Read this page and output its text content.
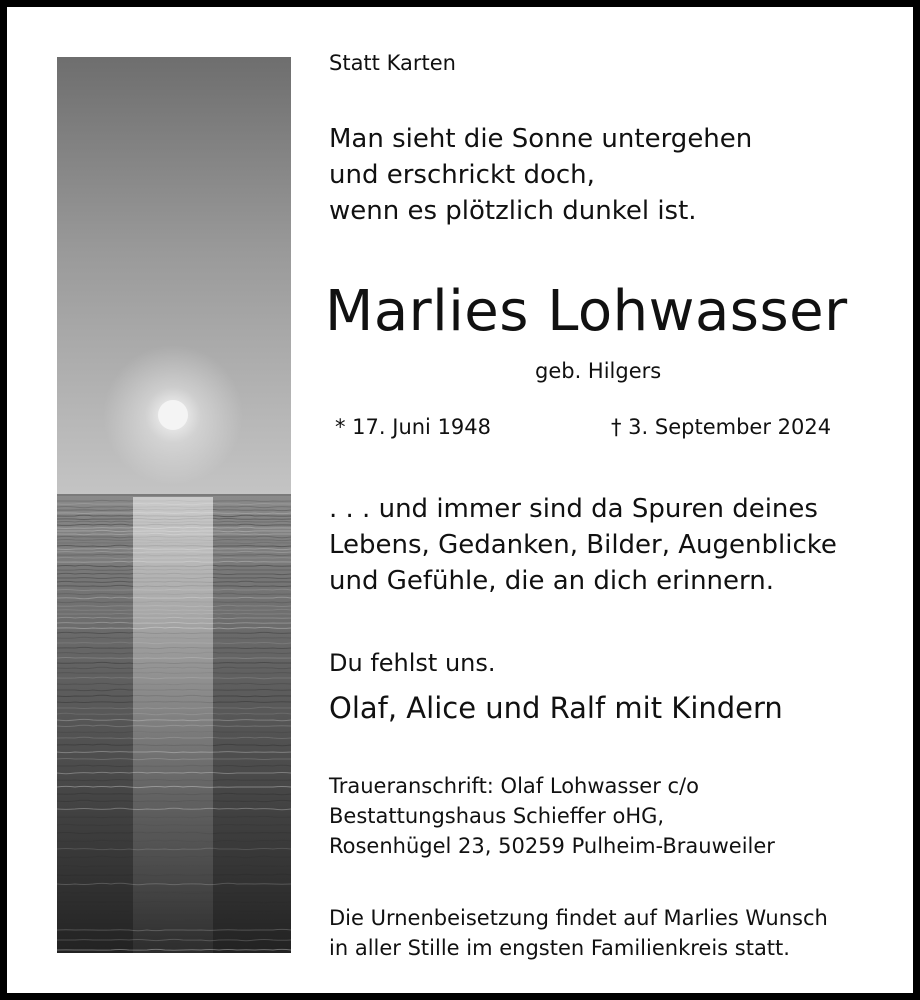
Statt Karten
Man sieht die Sonne untergehen
und erschrickt doch,
wenn es plötzlich dunkel ist.
Marlies Lohwasser
geb. Hilgers
* 17. Juni 1948	† 3. September 2024
. . . und immer sind da Spuren deines
Lebens, Gedanken, Bilder, Augenblicke
und Gefühle, die an dich erinnern.
Du fehlst uns.
Olaf, Alice und Ralf mit Kindern
Traueranschrift: Olaf Lohwasser c/o
Bestattungshaus Schieffer oHG,
Rosenhügel 23, 50259 Pulheim-Brauweiler
Die Urnenbeisetzung findet auf Marlies Wunsch
in aller Stille im engsten Familienkreis statt.
